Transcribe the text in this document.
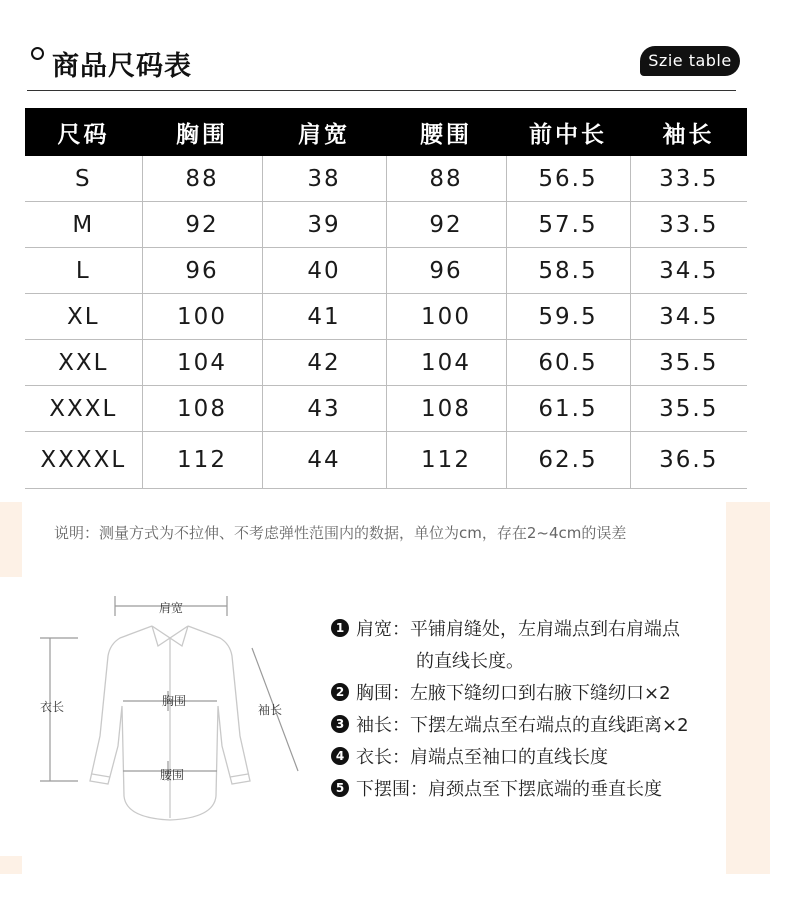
商品尺码表	Szie table
尺码	胸围	肩宽	腰围	前中长	袖长
S	88	38	88	56.5	33.5
M	92	39	92	57.5	33.5
L	96	40	96	58.5	34.5
XL	100	41	100	59.5	34.5
XXL	104	42	104	60.5	35.5
XXXL	108	43	108	61.5	35.5
XXXXL	112	44	112	62.5	36.5
说明：测量方式为不拉伸、不考虑弹性范围内的数据，单位为cm，存在2~4cm的误差
肩宽
胸围
腰围
衣长	袖长
1 肩宽：平铺肩缝处，左肩端点到右肩端点
的直线长度。
2 胸围：左腋下缝纫口到右腋下缝纫口×2
3 袖长：下摆左端点至右端点的直线距离×2
4 衣长：肩端点至袖口的直线长度
5 下摆围：肩颈点至下摆底端的垂直长度
